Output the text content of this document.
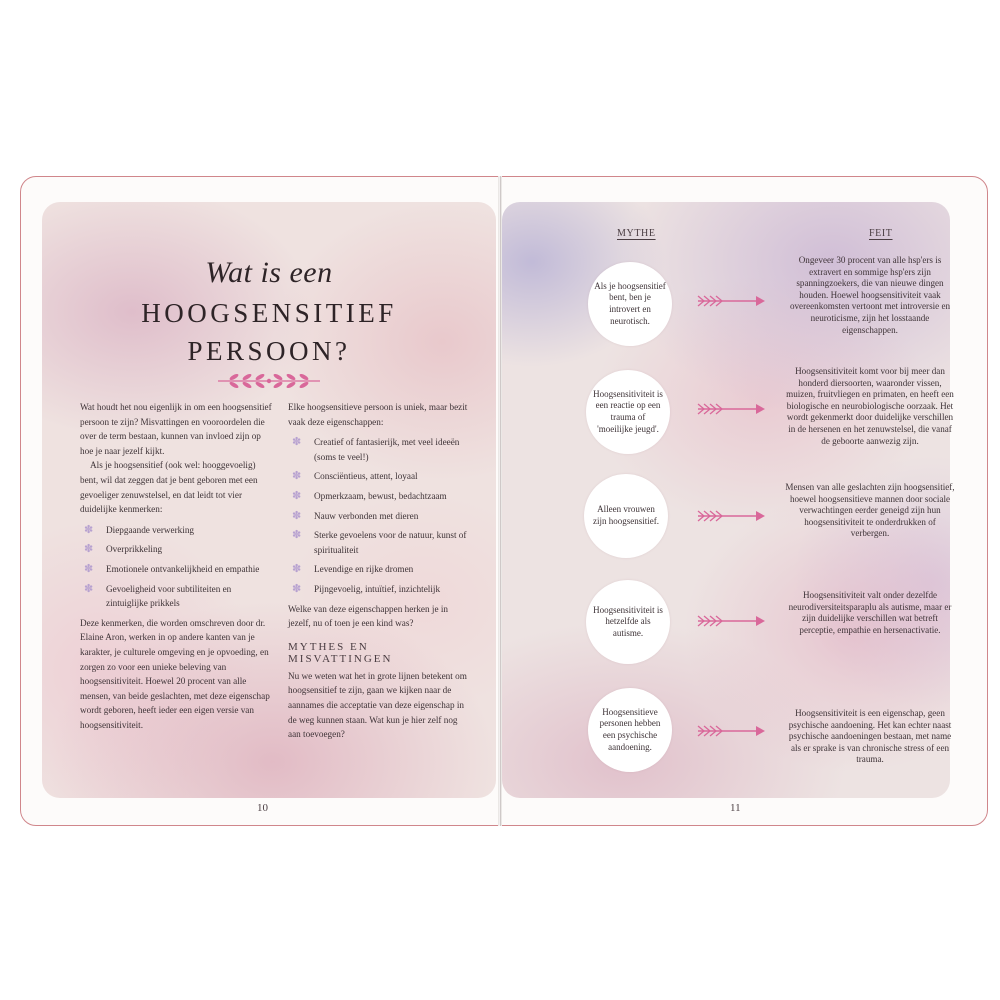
Wat is een
HOOGSENSITIEF
PERSOON?

Wat houdt het nou eigenlijk in om een hoogsensitief persoon te zijn? Misvattingen en vooroordelen die over de term bestaan, kunnen van invloed zijn op hoe je naar jezelf kijkt.

Als je hoogsensitief (ook wel: hooggevoelig) bent, wil dat zeggen dat je bent geboren met een gevoeliger zenuwstelsel, en dat leidt tot vier duidelijke kenmerken:

✽ Diepgaande verwerking
✽ Overprikkeling
✽ Emotionele ontvankelijkheid en empathie
✽ Gevoeligheid voor subtiliteiten en zintuiglijke prikkels

Deze kenmerken, die worden omschreven door dr. Elaine Aron, werken in op andere kanten van je karakter, je culturele omgeving en je opvoeding, en zorgen zo voor een unieke beleving van hoogsensitiviteit. Hoewel 20 procent van alle mensen, van beide geslachten, met deze eigenschap wordt geboren, heeft ieder een eigen versie van hoogsensitiviteit.

Elke hoogsensitieve persoon is uniek, maar bezit vaak deze eigenschappen:

✽ Creatief of fantasierijk, met veel ideeën (soms te veel!)
✽ Consciëntieus, attent, loyaal
✽ Opmerkzaam, bewust, bedachtzaam
✽ Nauw verbonden met dieren
✽ Sterke gevoelens voor de natuur, kunst of spiritualiteit
✽ Levendige en rijke dromen
✽ Pijngevoelig, intuïtief, inzichtelijk

Welke van deze eigenschappen herken je in jezelf, nu of toen je een kind was?

MYTHES EN
MISVATTINGEN

Nu we weten wat het in grote lijnen betekent om hoogsensitief te zijn, gaan we kijken naar de aannames die acceptatie van deze eigenschap in de weg kunnen staan. Wat kun je hier zelf nog aan toevoegen?

MYTHE	FEIT
Als je hoogsensitief bent, ben je introvert en neurotisch.
Ongeveer 30 procent van alle hsp'ers is extravert en sommige hsp'ers zijn spanningzoekers, die van nieuwe dingen houden. Hoewel hoogsensitiviteit vaak overeenkomsten vertoont met introversie en neuroticisme, zijn het losstaande eigenschappen.
Hoogsensitiviteit is een reactie op een trauma of 'moeilijke jeugd'.
Hoogsensitiviteit komt voor bij meer dan honderd diersoorten, waaronder vissen, muizen, fruitvliegen en primaten, en heeft een biologische en neurobiologische oorzaak. Het wordt gekenmerkt door duidelijke verschillen in de hersenen en het zenuwstelsel, die vanaf de geboorte aanwezig zijn.
Alleen vrouwen zijn hoogsensitief.
Mensen van alle geslachten zijn hoogsensitief, hoewel hoogsensitieve mannen door sociale verwachtingen eerder geneigd zijn hun hoogsensitiviteit te onderdrukken of verbergen.
Hoogsensitiviteit is hetzelfde als autisme.
Hoogsensitiviteit valt onder dezelfde neurodiversiteitsparaplu als autisme, maar er zijn duidelijke verschillen wat betreft perceptie, empathie en hersenactivatie.
Hoogsensitieve personen hebben een psychische aandoening.
Hoogsensitiviteit is een eigenschap, geen psychische aandoening. Het kan echter naast psychische aandoeningen bestaan, met name als er sprake is van chronische stress of een trauma.
10	11
